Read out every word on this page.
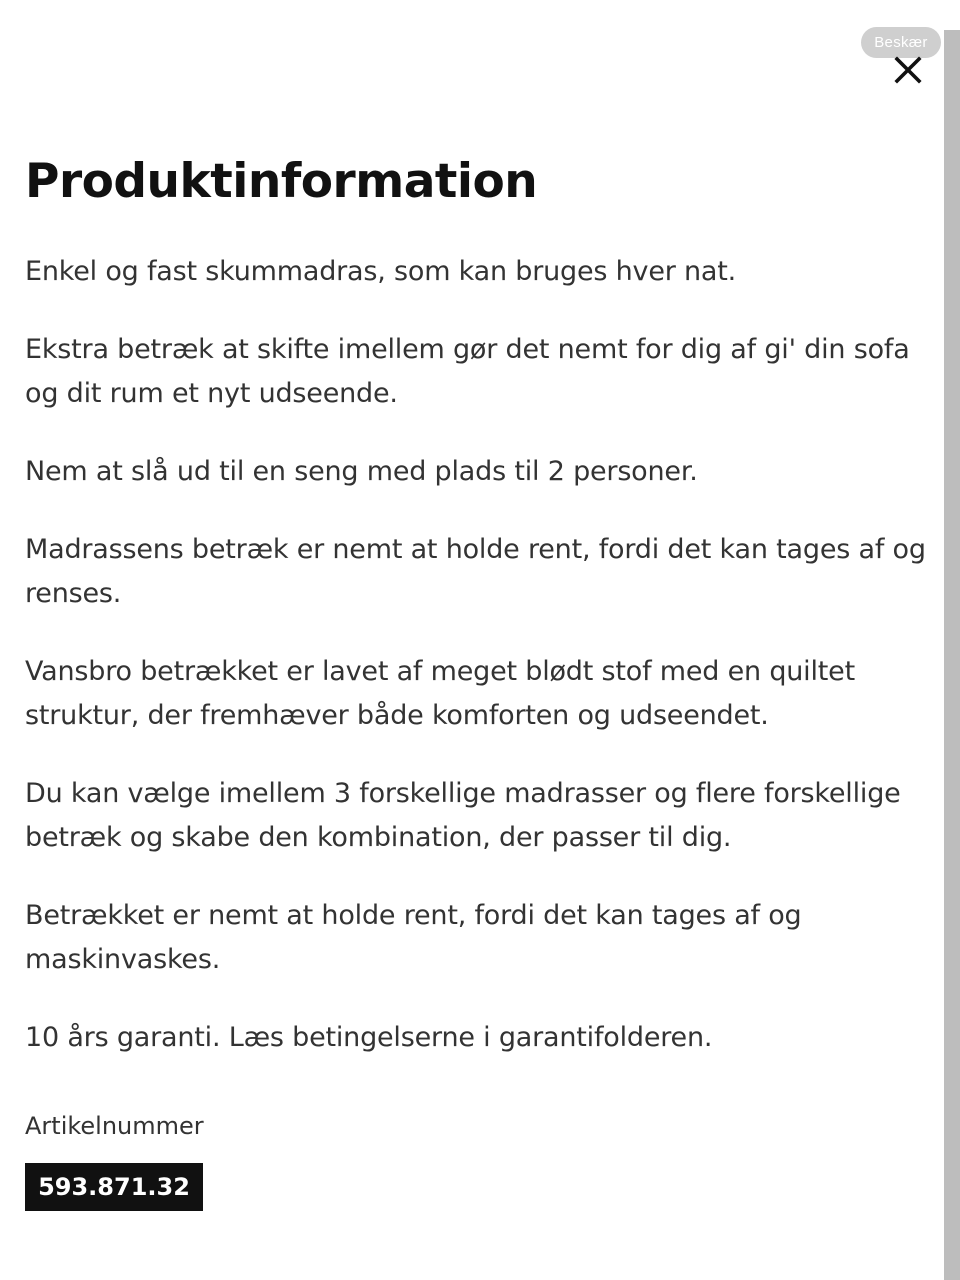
Beskær
Produktinformation

Enkel og fast skummadras, som kan bruges hver nat.

Ekstra betræk at skifte imellem gør det nemt for dig af gi' din sofa og dit rum et nyt udseende.

Nem at slå ud til en seng med plads til 2 personer.

Madrassens betræk er nemt at holde rent, fordi det kan tages af og renses.

Vansbro betrækket er lavet af meget blødt stof med en quiltet struktur, der fremhæver både komforten og udseendet.

Du kan vælge imellem 3 forskellige madrasser og flere forskellige betræk og skabe den kombination, der passer til dig.

Betrækket er nemt at holde rent, fordi det kan tages af og maskinvaskes.

10 års garanti. Læs betingelserne i garantifolderen.

Artikelnummer
593.871.32
